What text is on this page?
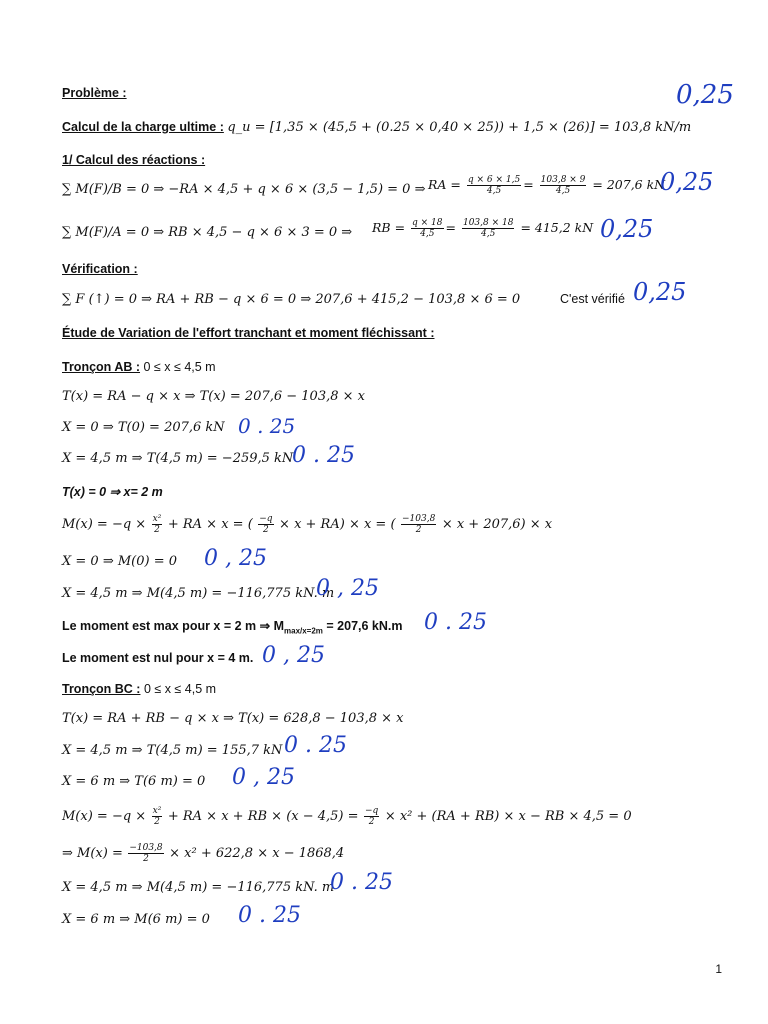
Problème :	0,25
Calcul de la charge ultime : q_u = [1,35 × (45,5 + (0.25 × 0,40 × 25)) + 1,5 × (26)] = 103,8 kN/m
1/ Calcul des réactions :
∑ M(F)/B = 0 ⇒ −RA × 4,5 + q × 6 × (3,5 − 1,5) = 0 ⇒ RA = $\frac{q \times 6 \times 1,5}{4,5} = \frac{103,8 \times 9}{4,5} = 207,6$ kN
0,25
∑ M(F)/A = 0 ⇒ RB × 4,5 − q × 6 × 3 = 0 ⇒	RB = $\frac{q \times 18}{4,5} = \frac{103,8 \times 18}{4,5} = 415,2$ kN 0,25
Vérification :
∑ F (↑) = 0 ⇒ RA + RB − q × 6 = 0 ⇒ 207,6 + 415,2 − 103,8 × 6 = 0	C'est vérifié 0,25
Étude de Variation de l'effort tranchant et moment fléchissant :
Tronçon AB : 0 ≤ x ≤ 4,5 m
T(x) = RA − q × x ⇒ T(x) = 207,6 − 103,8 × x
X = 0 ⇒ T(0) = 207,6 kN 0 . 25
X = 4,5 m ⇒ T(4,5 m) = −259,5 kN
0 . 25
T(x) = 0 ⇒ x= 2 m
$M(x) = -q \times \frac{\text{x²}}{2}$ + RA × x = ( $\frac{-q}{2} \times x + RA) \times x$ = ( $\frac{-103,8}{2} \times x + 207,6) \times x$
X = 0 ⇒ M(0) = 0	0 , 25
X = 4,5 m ⇒ M(4,5 m) = −116,775 kN. m
0 , 25
Le moment est max pour x = 2 m ⇒ $M_{max/x=2m} = 207,6$ kN.m 0 . 25
Le moment est nul pour x = 4 m. 0 , 25
Tronçon BC : 0 ≤ x ≤ 4,5 m
T(x) = RA + RB − q × x ⇒ T(x) = 628,8 − 103,8 × x
X = 4,5 m ⇒ T(4,5 m) = 155,7 kN 0 . 25
X = 6 m ⇒ T(6 m) = 0	0 , 25
$M(x) = -q \times \frac{\text{x²}}{2}$ + RA × x + RB × $(x - 4,5) = \frac{-q}{2} \times x^2 + (RA + RB) \times x$ − RB × 4,5 = 0
⇒ $M(x) = \frac{-103,8}{2} \times x^2 + 622,8 \times x - 1868,4$
X = 4,5 m ⇒ M(4,5 m) = −116,775 kN. m
0 . 25
X = 6 m ⇒ M(6 m) = 0	0 . 25
1
